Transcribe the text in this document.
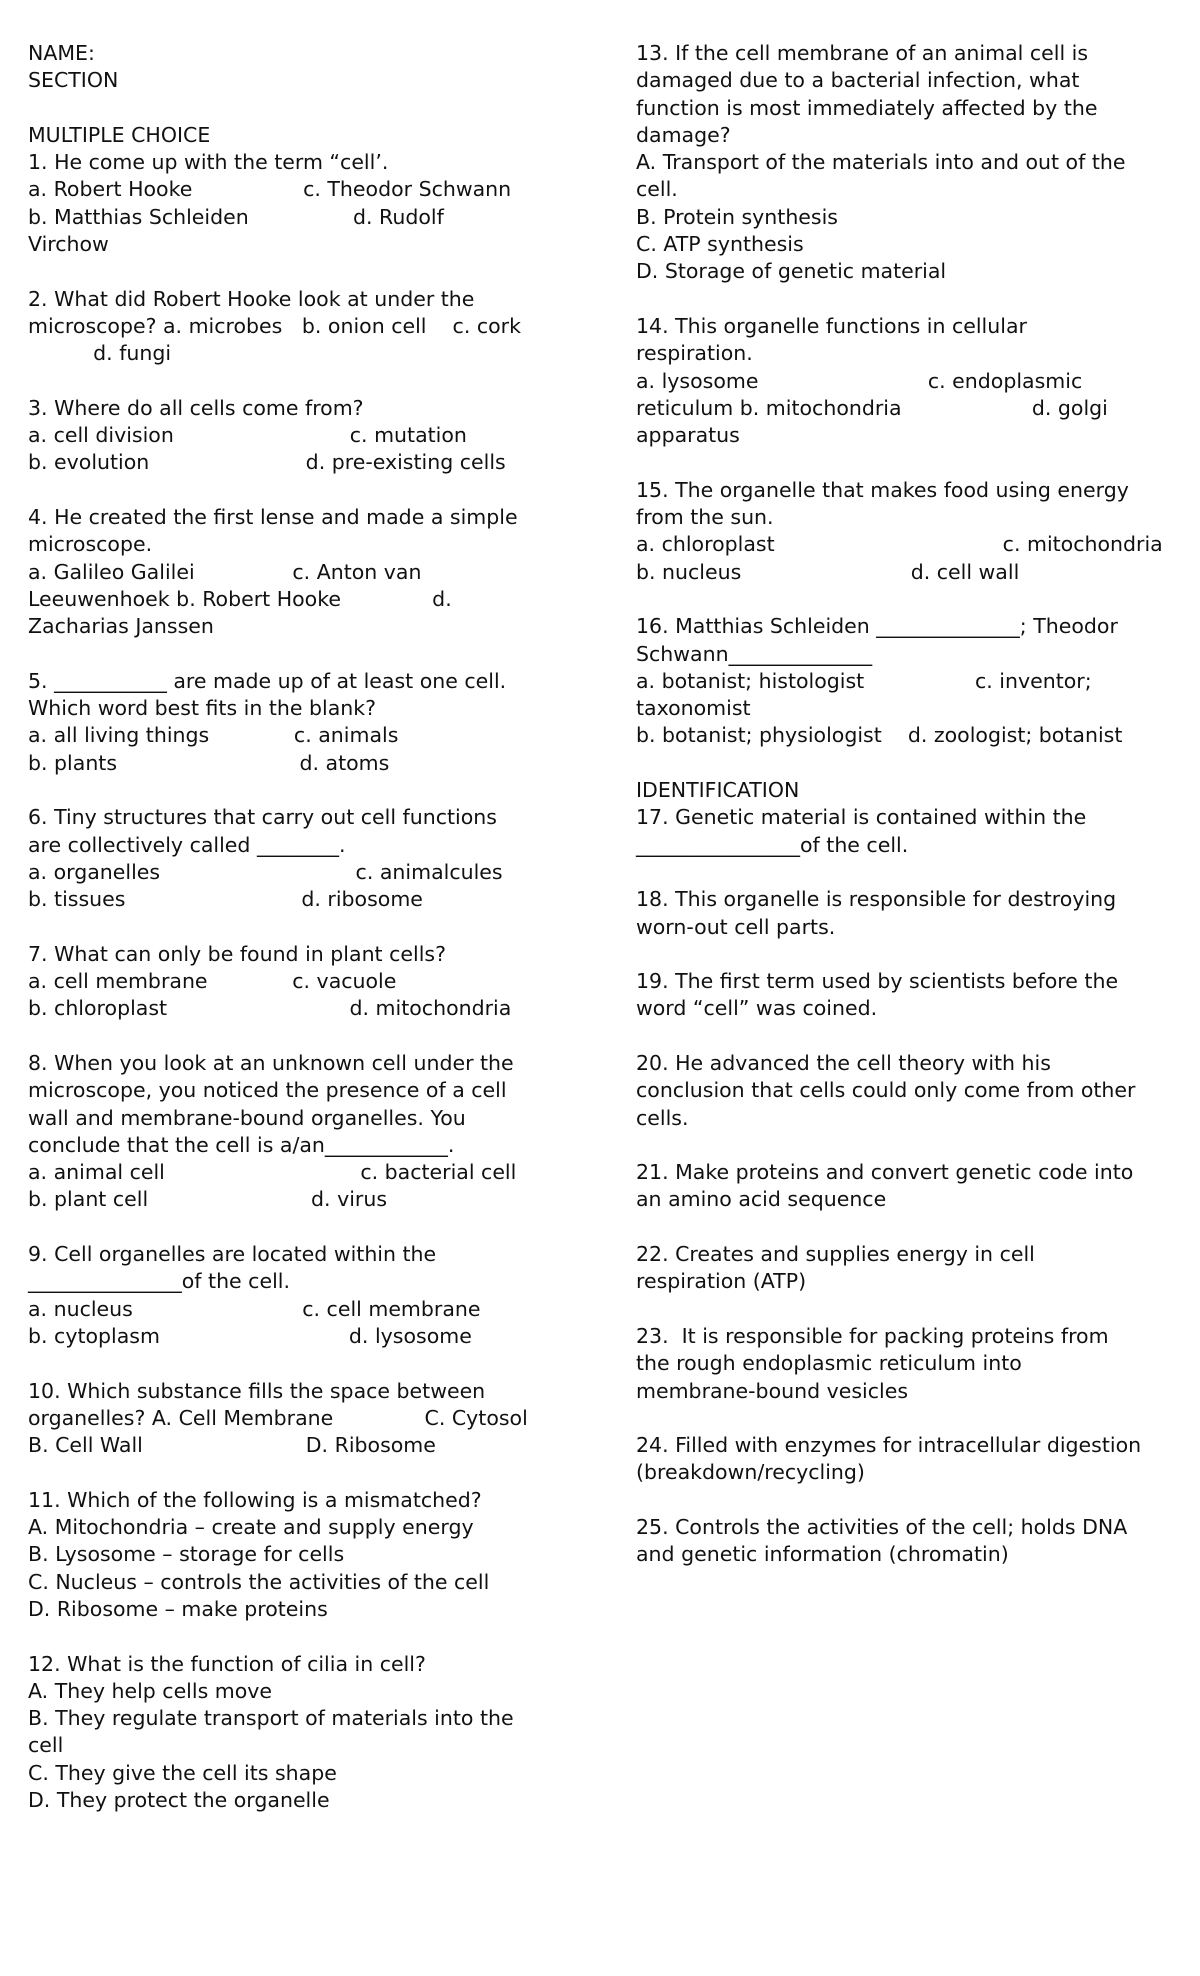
NAME:
SECTION
MULTIPLE CHOICE
1. He come up with the term “cell’.
a. Robert Hooke                 c. Theodor Schwann
b. Matthias Schleiden                d. Rudolf
Virchow
2. What did Robert Hooke look at under the
microscope? a. microbes   b. onion cell    c. cork
d. fungi
3. Where do all cells come from?
a. cell division                           c. mutation
b. evolution                        d. pre-existing cells
4. He created the first lense and made a simple
microscope.
a. Galileo Galilei               c. Anton van
Leeuwenhoek b. Robert Hooke              d.
Zacharias Janssen
5. ___________ are made up of at least one cell.
Which word best fits in the blank?
a. all living things             c. animals
b. plants                            d. atoms
6. Tiny structures that carry out cell functions
are collectively called ________.
a. organelles                              c. animalcules
b. tissues                           d. ribosome
7. What can only be found in plant cells?
a. cell membrane             c. vacuole
b. chloroplast                            d. mitochondria
8. When you look at an unknown cell under the
microscope, you noticed the presence of a cell
wall and membrane-bound organelles. You
conclude that the cell is a/an____________.
a. animal cell                              c. bacterial cell
b. plant cell                         d. virus
9. Cell organelles are located within the
_______________of the cell.
a. nucleus                          c. cell membrane
b. cytoplasm                             d. lysosome
10. Which substance fills the space between
organelles? A. Cell Membrane              C. Cytosol
B. Cell Wall                         D. Ribosome
11. Which of the following is a mismatched?
A. Mitochondria – create and supply energy
B. Lysosome – storage for cells
C. Nucleus – controls the activities of the cell
D. Ribosome – make proteins
12. What is the function of cilia in cell?
A. They help cells move
B. They regulate transport of materials into the
cell
C. They give the cell its shape
D. They protect the organelle
13. If the cell membrane of an animal cell is
damaged due to a bacterial infection, what
function is most immediately affected by the
damage?
A. Transport of the materials into and out of the
cell.
B. Protein synthesis
C. ATP synthesis
D. Storage of genetic material
14. This organelle functions in cellular
respiration.
a. lysosome                          c. endoplasmic
reticulum b. mitochondria                    d. golgi
apparatus
15. The organelle that makes food using energy
from the sun.
a. chloroplast                                   c. mitochondria
b. nucleus                          d. cell wall
16. Matthias Schleiden ______________; Theodor
Schwann______________
a. botanist; histologist                 c. inventor;
taxonomist
b. botanist; physiologist    d. zoologist; botanist
IDENTIFICATION
17. Genetic material is contained within the
________________of the cell.
18. This organelle is responsible for destroying
worn-out cell parts.
19. The first term used by scientists before the
word “cell” was coined.
20. He advanced the cell theory with his
conclusion that cells could only come from other
cells.
21. Make proteins and convert genetic code into
an amino acid sequence
22. Creates and supplies energy in cell
respiration (ATP)
23.  It is responsible for packing proteins from
the rough endoplasmic reticulum into
membrane-bound vesicles
24. Filled with enzymes for intracellular digestion
(breakdown/recycling)
25. Controls the activities of the cell; holds DNA
and genetic information (chromatin)
